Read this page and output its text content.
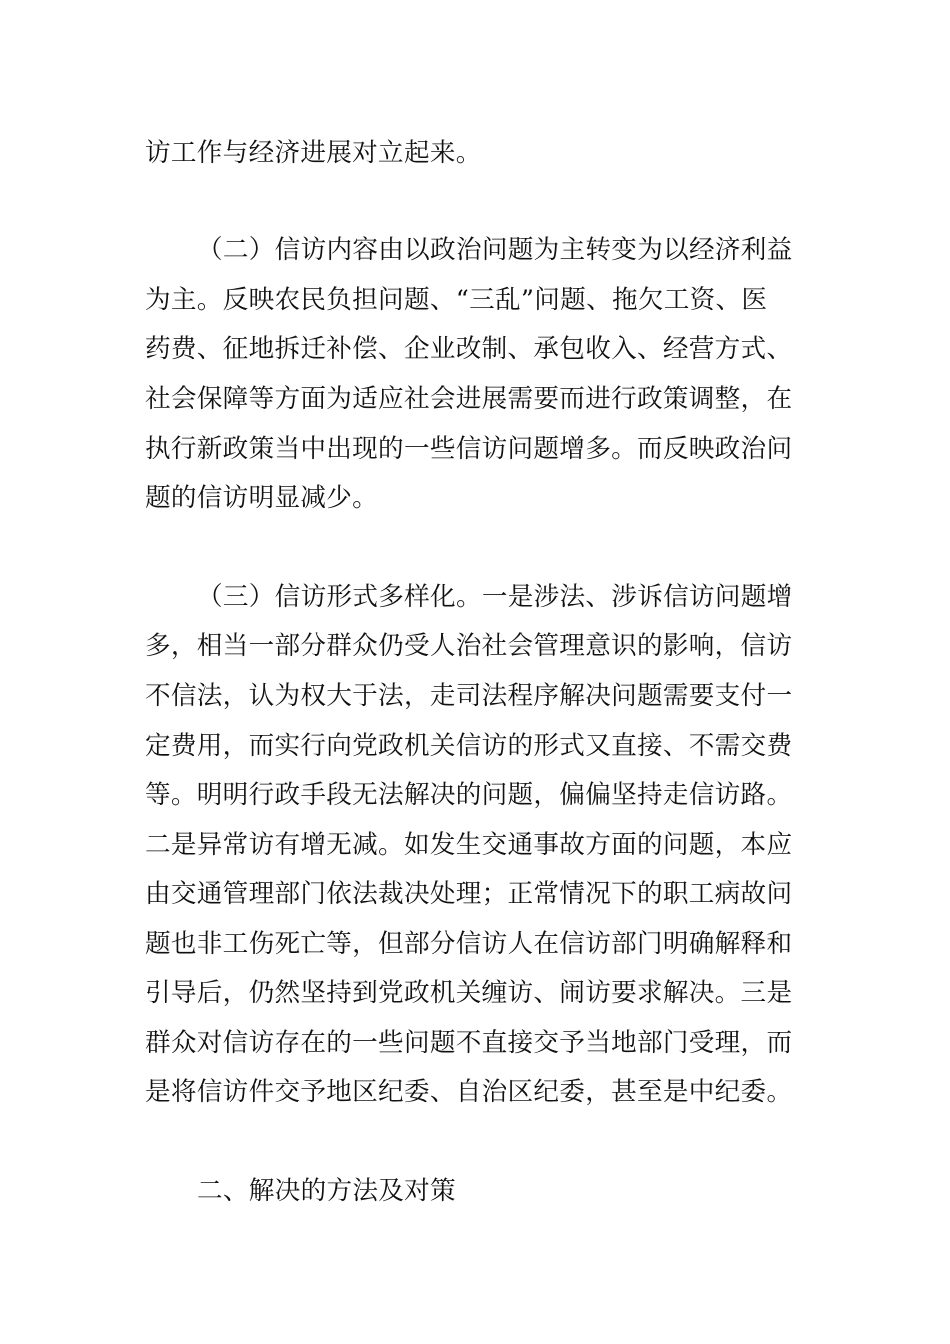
访工作与经济进展对立起来。

（二）信访内容由以政治问题为主转变为以经济利益

为主。反映农民负担问题、“三乱”问题、拖欠工资、医

药费、征地拆迁补偿、企业改制、承包收入、经营方式、

社会保障等方面为适应社会进展需要而进行政策调整，在

执行新政策当中出现的一些信访问题增多。而反映政治问

题的信访明显减少。

（三）信访形式多样化。一是涉法、涉诉信访问题增

多，相当一部分群众仍受人治社会管理意识的影响，信访

不信法，认为权大于法，走司法程序解决问题需要支付一

定费用，而实行向党政机关信访的形式又直接、不需交费

等。明明行政手段无法解决的问题，偏偏坚持走信访路。

二是异常访有增无减。如发生交通事故方面的问题，本应

由交通管理部门依法裁决处理；正常情况下的职工病故问

题也非工伤死亡等，但部分信访人在信访部门明确解释和

引导后，仍然坚持到党政机关缠访、闹访要求解决。三是

群众对信访存在的一些问题不直接交予当地部门受理，而

是将信访件交予地区纪委、自治区纪委，甚至是中纪委。

二、解决的方法及对策
